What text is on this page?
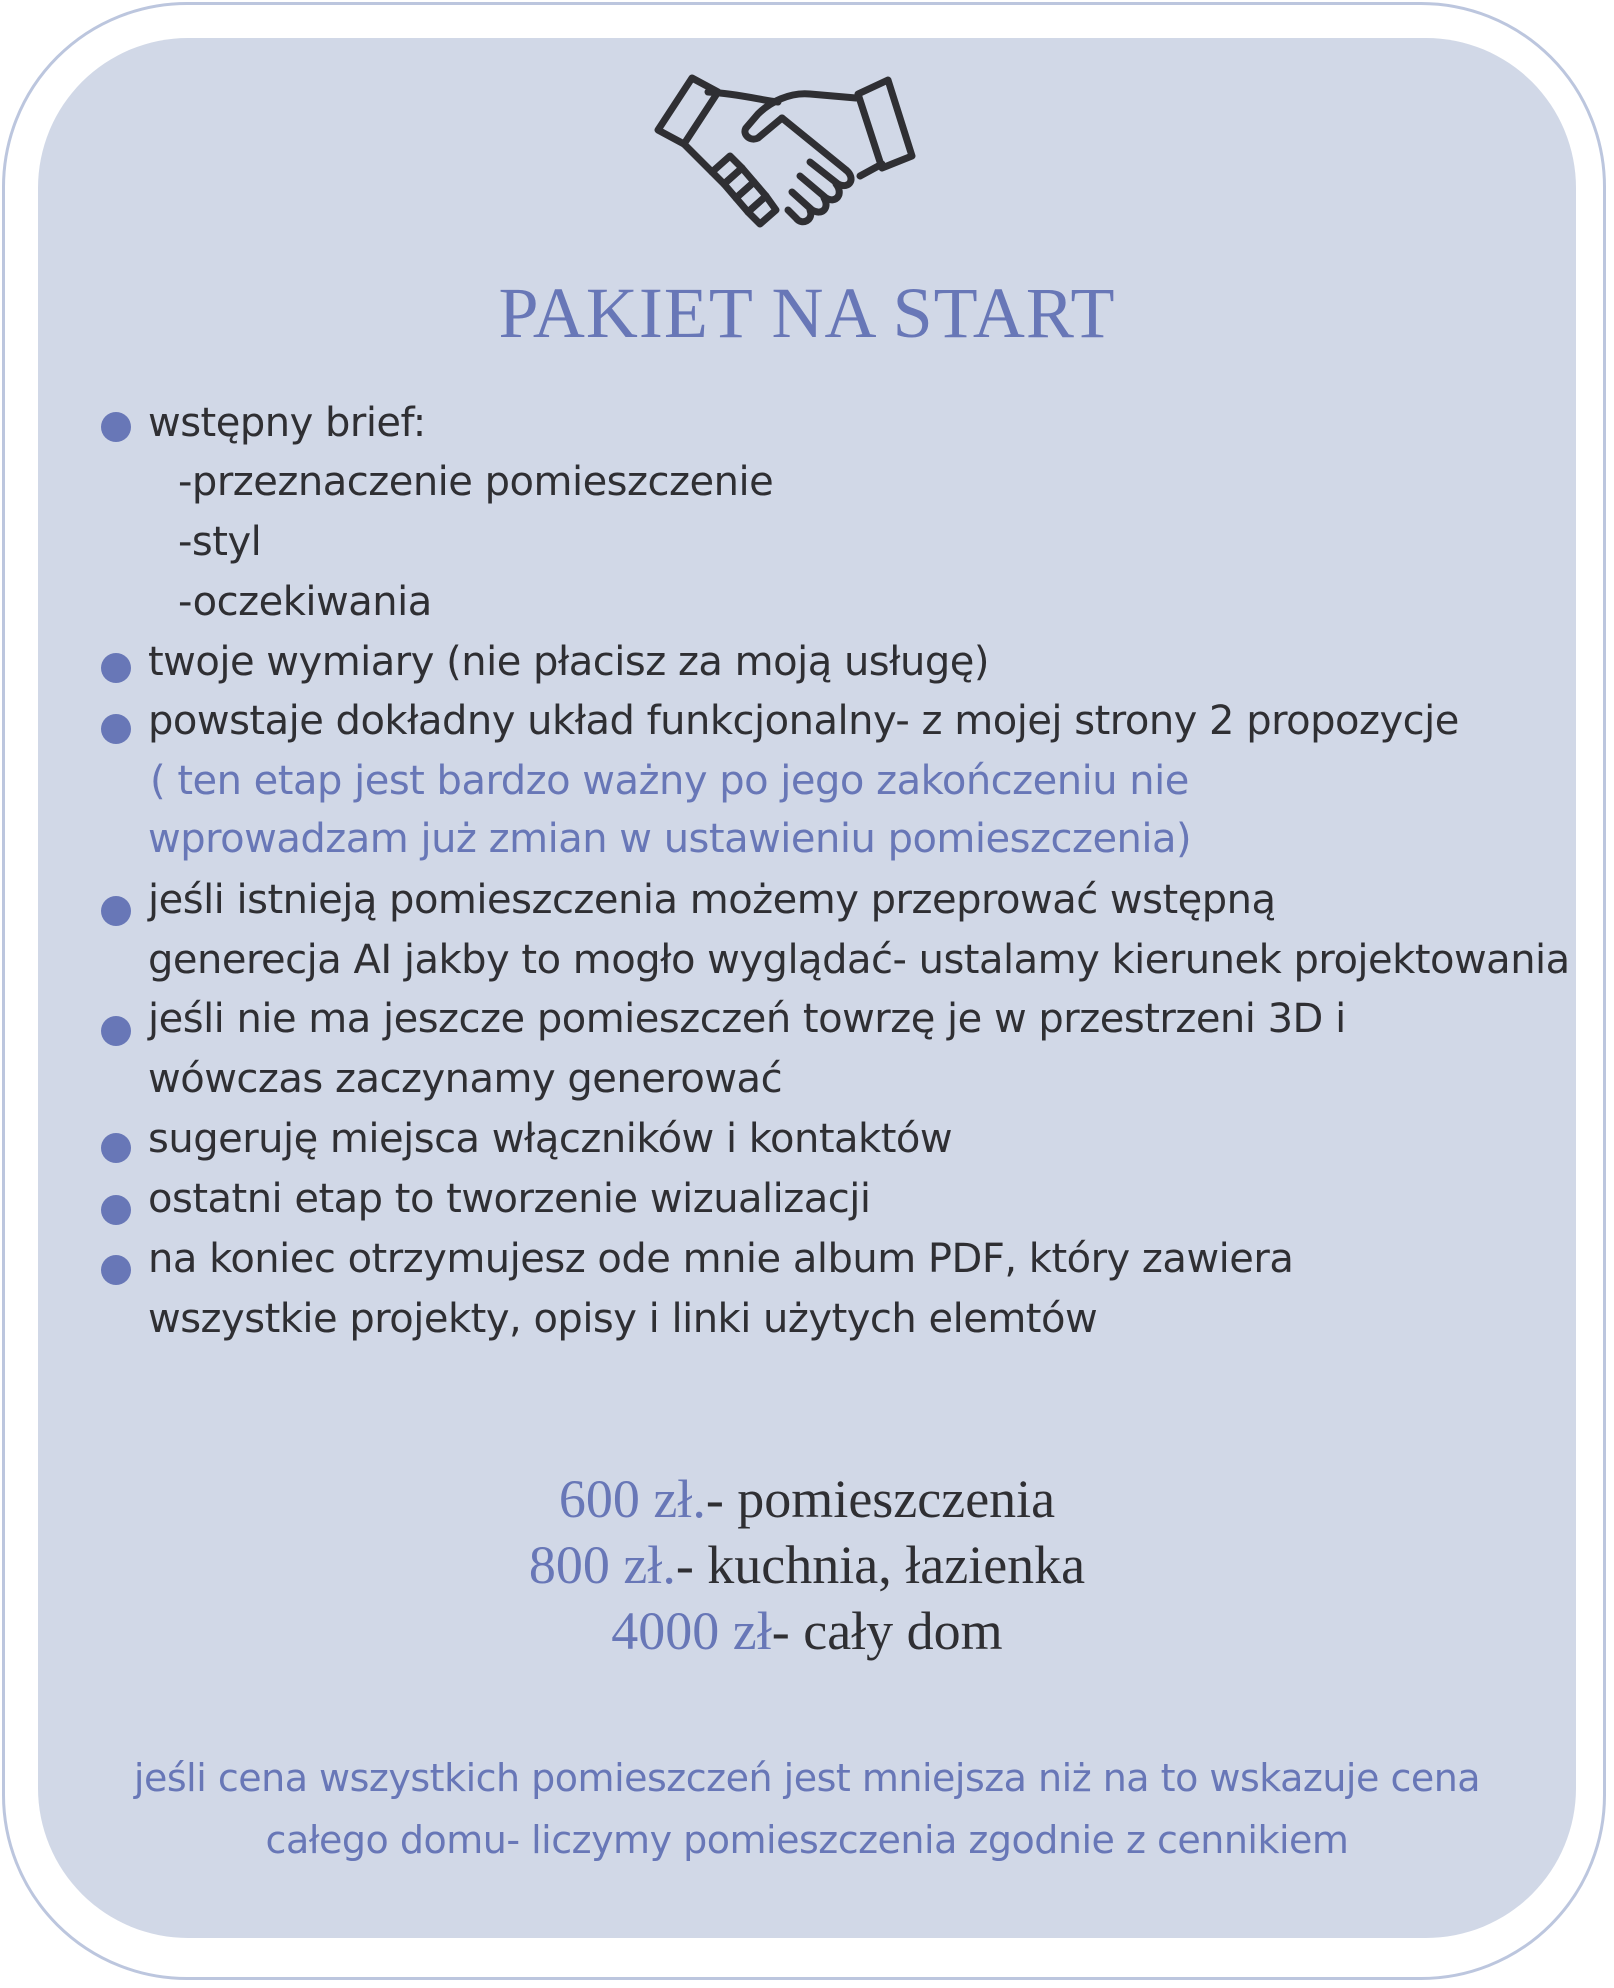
PAKIET NA START

wstępny brief:

-przeznaczenie pomieszczenie

-styl

-oczekiwania

twoje wymiary (nie płacisz za moją usługę)

powstaje dokładny układ funkcjonalny- z mojej strony 2 propozycje

( ten etap jest bardzo ważny po jego zakończeniu nie

wprowadzam już zmian w ustawieniu pomieszczenia)

jeśli istnieją pomieszczenia możemy przeprować wstępną

generecja AI jakby to mogło wyglądać- ustalamy kierunek projektowania

jeśli nie ma jeszcze pomieszczeń towrzę je w przestrzeni 3D i

wówczas zaczynamy generować

sugeruję miejsca włączników i kontaktów

ostatni etap to tworzenie wizualizacji

na koniec otrzymujesz ode mnie album PDF, który zawiera

wszystkie projekty, opisy i linki użytych elemtów

600 zł.- pomieszczenia

800 zł.- kuchnia, łazienka

4000 zł- cały dom

jeśli cena wszystkich pomieszczeń jest mniejsza niż na to wskazuje cena

całego domu- liczymy pomieszczenia zgodnie z cennikiem
